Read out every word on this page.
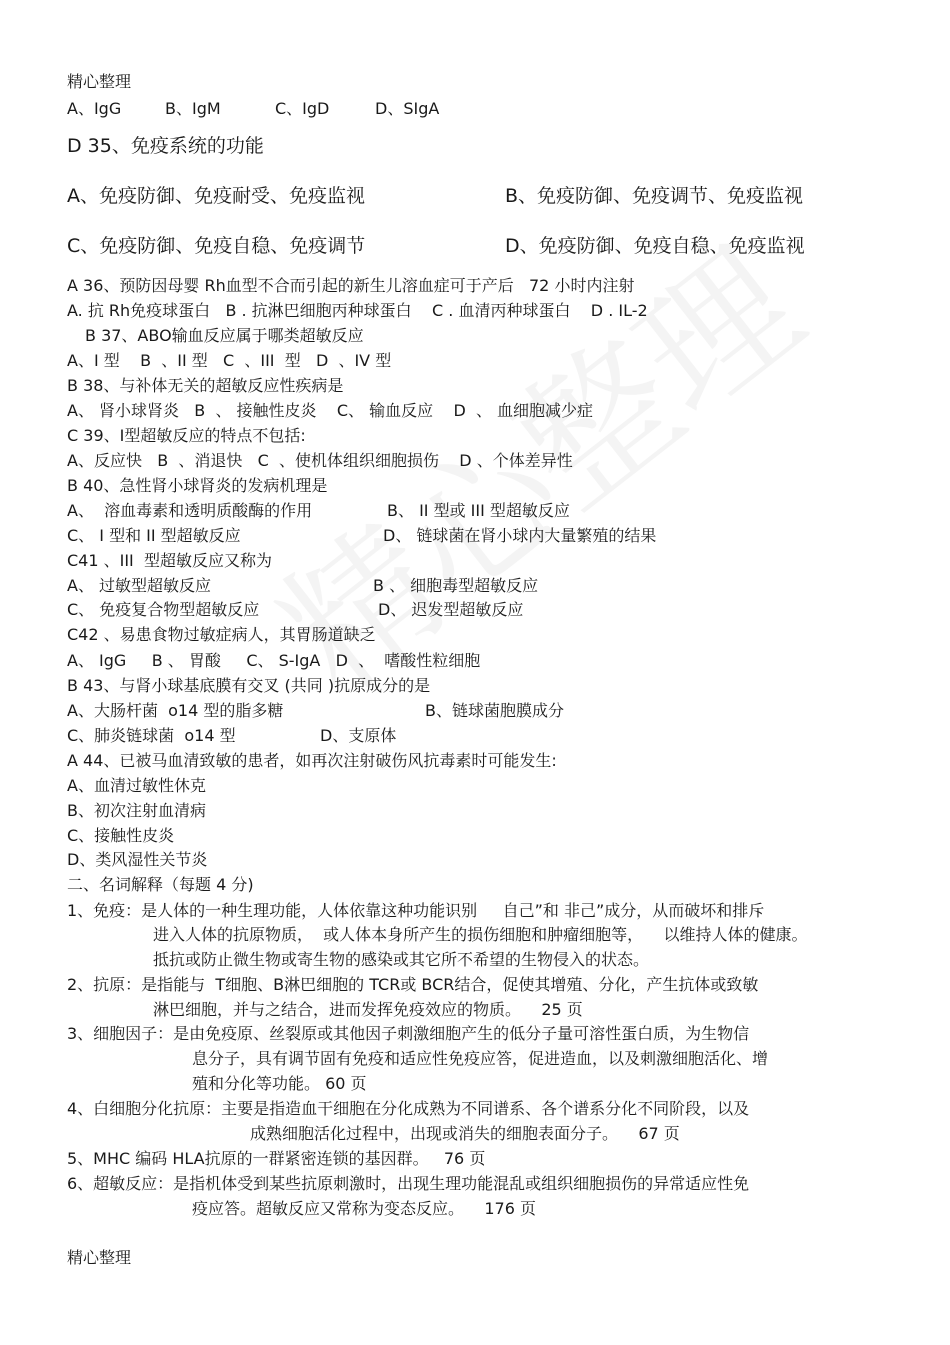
精心整理
A、IgG	B、IgM	C、IgD	D、SIgA
D 35、免疫系统的功能
A、免疫防御、免疫耐受、免疫监视	B、免疫防御、免疫调节、免疫监视
C、免疫防御、免疫自稳、免疫调节	D、免疫防御、免疫自稳、免疫监视
A 36、预防因母婴 Rh血型不合而引起的新生儿溶血症可于产后   72 小时内注射
A. 抗 Rh免疫球蛋白   B . 抗淋巴细胞丙种球蛋白    C . 血清丙种球蛋白    D . IL-2
B 37、ABO输血反应属于哪类超敏反应
A、I 型    B  、II 型   C  、III  型   D  、IV 型
B 38、与补体无关的超敏反应性疾病是
A、 肾小球肾炎   B  、 接触性皮炎    C、 输血反应    D  、 血细胞减少症
C 39、Ⅰ型超敏反应的特点不包括:
A、反应快   B  、消退快   C  、使机体组织细胞损伤    D 、个体差异性
B 40、急性肾小球肾炎的发病机理是
A、  溶血毒素和透明质酸酶的作用	B、 II 型或 III 型超敏反应
C、 I 型和 II 型超敏反应	D、 链球菌在肾小球内大量繁殖的结果
C41 、III  型超敏反应又称为
A、 过敏型超敏反应	B 、 细胞毒型超敏反应
C、 免疫复合物型超敏反应	D、 迟发型超敏反应
C42 、易患食物过敏症病人，其胃肠道缺乏
A、 IgG     B 、 胃酸     C、 S-IgA   D  、  嗜酸性粒细胞
B 43、与肾小球基底膜有交叉 (共同 )抗原成分的是
A、大肠杆菌  o14 型的脂多糖	B、链球菌胞膜成分
C、肺炎链球菌  o14 型	D、支原体
A 44、已被马血清致敏的患者，如再次注射破伤风抗毒素时可能发生:
A、血清过敏性休克
B、初次注射血清病
C、接触性皮炎
D、类风湿性关节炎
二、名词解释（每题 4 分)
1、免疫：是人体的一种生理功能，人体依靠这种功能识别     自己”和 非己”成分，从而破坏和排斥
进入人体的抗原物质，  或人体本身所产生的损伤细胞和肿瘤细胞等，    以维持人体的健康。
抵抗或防止微生物或寄生物的感染或其它所不希望的生物侵入的状态。
2、抗原：是指能与  T细胞、B淋巴细胞的 TCR或 BCR结合，促使其增殖、分化，产生抗体或致敏
淋巴细胞，并与之结合，进而发挥免疫效应的物质。    25 页
3、细胞因子：是由免疫原、丝裂原或其他因子刺激细胞产生的低分子量可溶性蛋白质，为生物信
息分子，具有调节固有免疫和适应性免疫应答，促进造血，以及刺激细胞活化、增
殖和分化等功能。 60 页
4、白细胞分化抗原：主要是指造血干细胞在分化成熟为不同谱系、各个谱系分化不同阶段，以及
成熟细胞活化过程中，出现或消失的细胞表面分子。    67 页
5、MHC 编码 HLA抗原的一群紧密连锁的基因群。   76 页
6、超敏反应：是指机体受到某些抗原刺激时，出现生理功能混乱或组织细胞损伤的异常适应性免
疫应答。超敏反应又常称为变态反应。    176 页
精心整理
